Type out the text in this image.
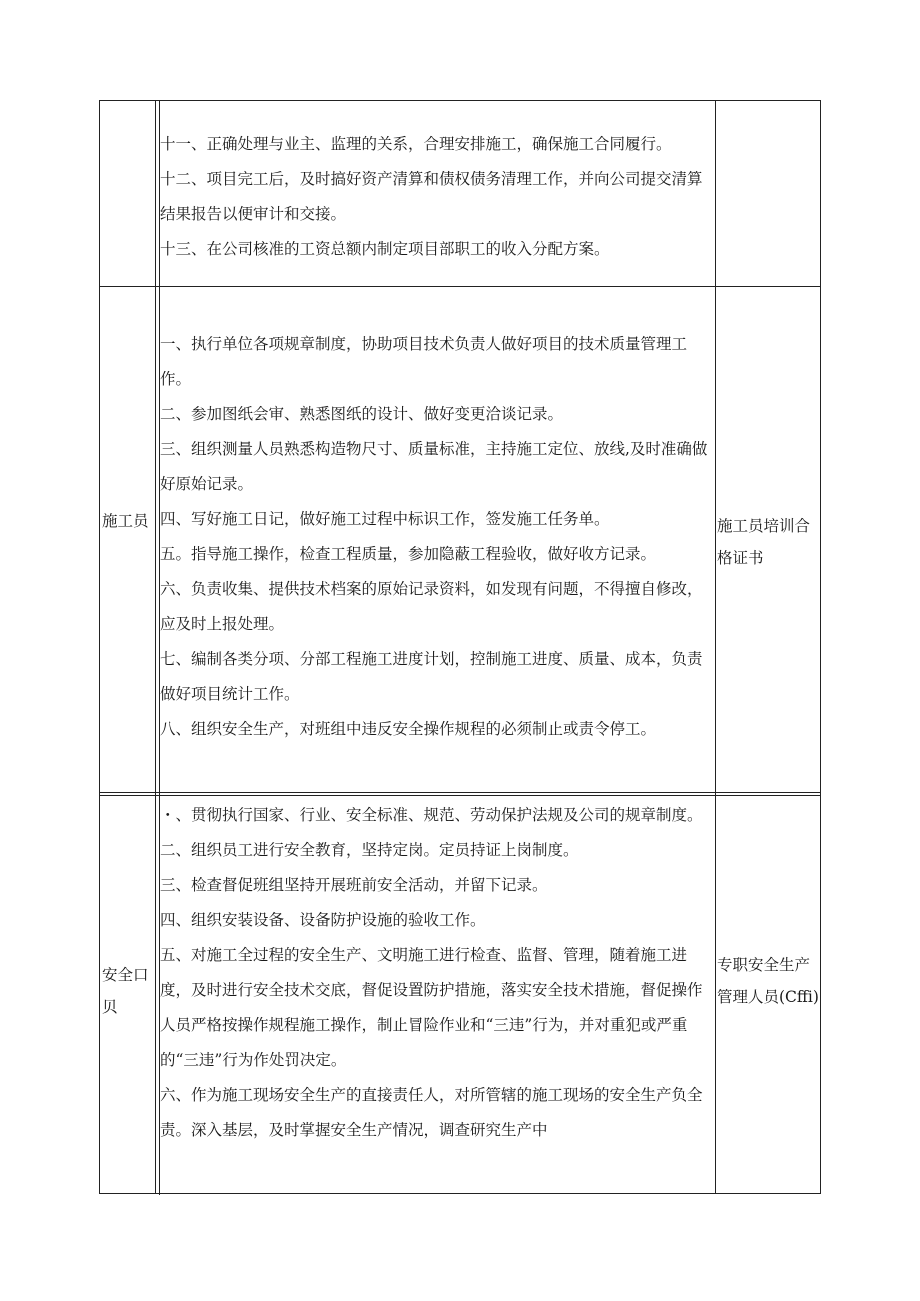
十一、正确处理与业主、监理的关系，合理安排施工，确保施工合同履行。

十二、项目完工后，及时搞好资产清算和债权债务清理工作，并向公司提交清算结果报告以便审计和交接。

十三、在公司核准的工资总额内制定项目部职工的收入分配方案。

施工员

一、执行单位各项规章制度，协助项目技术负责人做好项目的技术质量管理工作。

二、参加图纸会审、熟悉图纸的设计、做好变更洽谈记录。

三、组织测量人员熟悉构造物尺寸、质量标准，主持施工定位、放线,及时准确做好原始记录。

四、写好施工日记，做好施工过程中标识工作，签发施工任务单。

五。指导施工操作，检查工程质量，参加隐蔽工程验收，做好收方记录。

六、负责收集、提供技术档案的原始记录资料，如发现有问题，不得擅自修改，应及时上报处理。

七、编制各类分项、分部工程施工进度计划，控制施工进度、质量、成本，负责做好项目统计工作。

八、组织安全生产，对班组中违反安全操作规程的必须制止或责令停工。

施工员培训合格证书
安全口贝

・、贯彻执行国家、行业、安全标准、规范、劳动保护法规及公司的规章制度。

二、组织员工进行安全教育，坚持定岗。定员持证上岗制度。

三、检查督促班组坚持开展班前安全活动，并留下记录。

四、组织安装设备、设备防护设施的验收工作。

五、对施工全过程的安全生产、文明施工进行检查、监督、管理，随着施工进度，及时进行安全技术交底，督促设置防护措施，落实安全技术措施，督促操作人员严格按操作规程施工操作，制止冒险作业和“三违”行为，并对重犯或严重的“三违”行为作处罚决定。

六、作为施工现场安全生产的直接责任人，对所管辖的施工现场的安全生产负全责。深入基层，及时掌握安全生产情况，调查研究生产中

专职安全生产管理人员(Cffi)
